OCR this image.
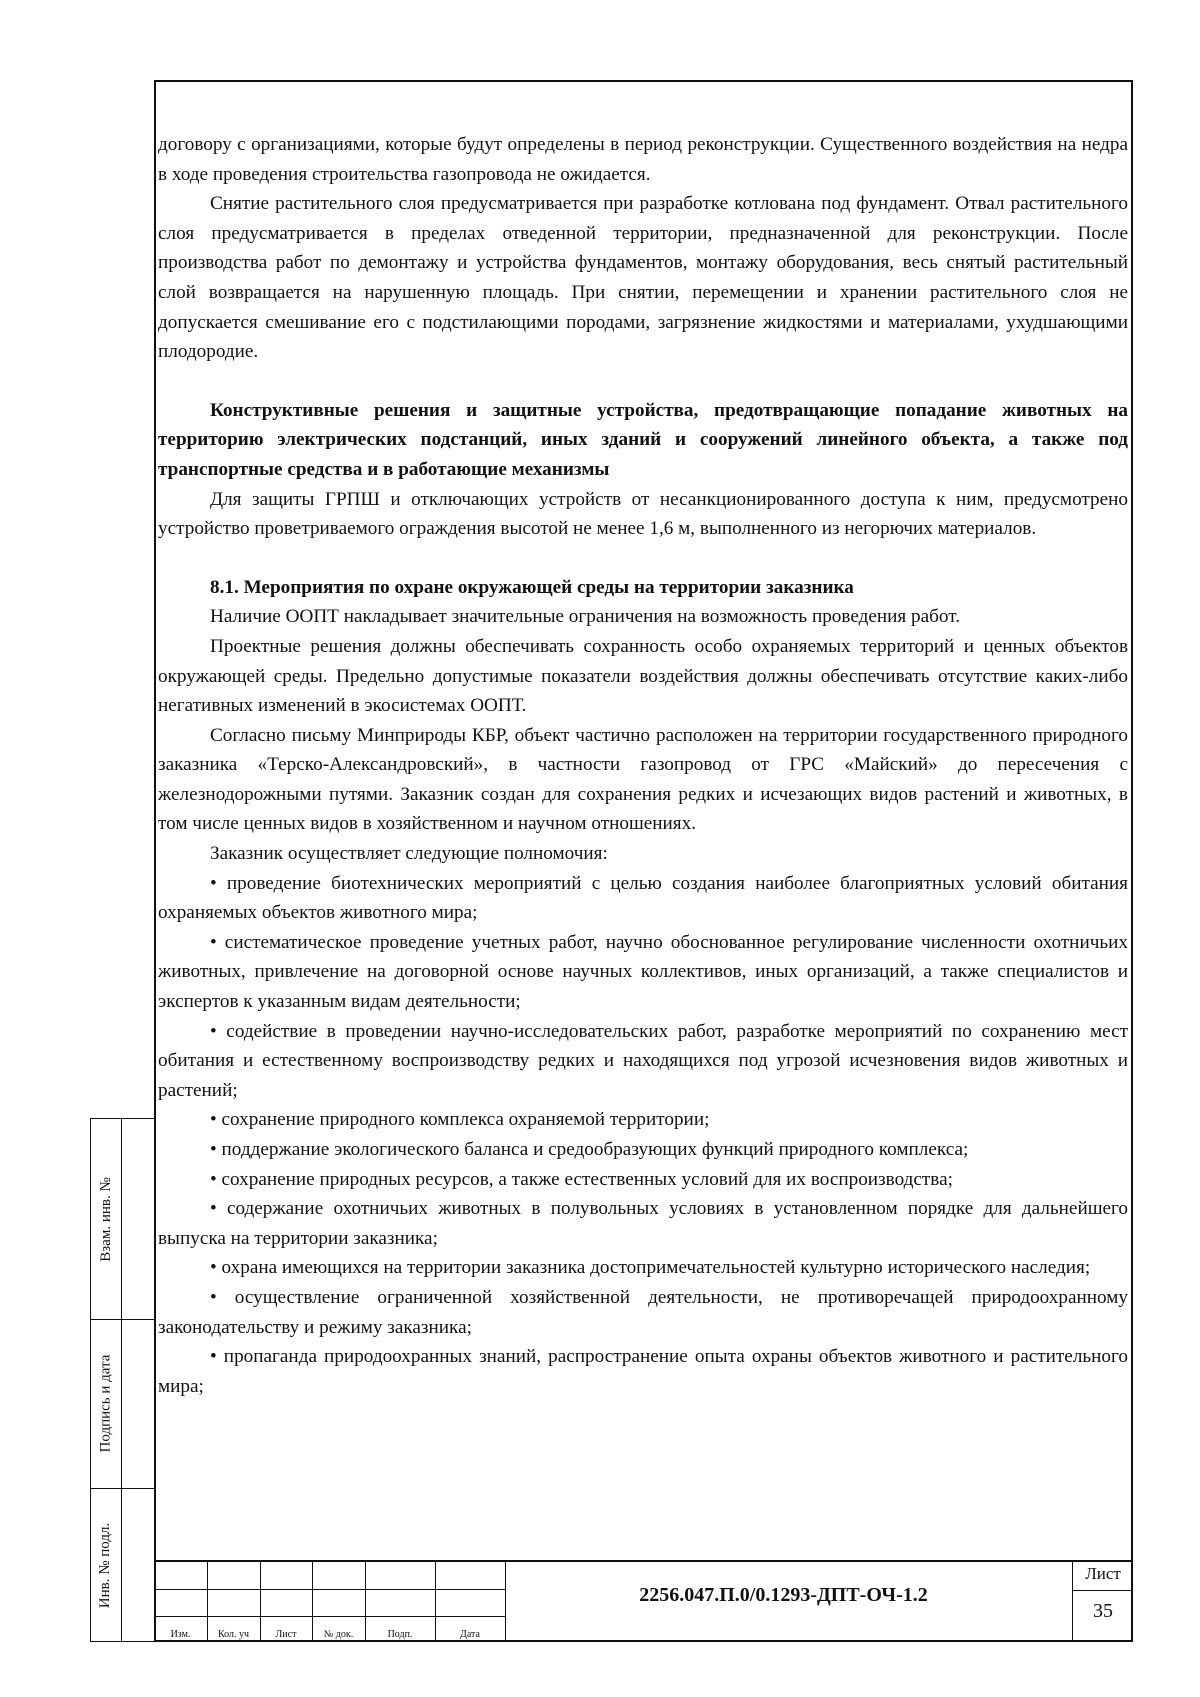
договору с организациями, которые будут определены в период реконструкции. Существенного воздействия на недра в ходе проведения строительства газопровода не ожидается.

Снятие растительного слоя предусматривается при разработке котлована под фундамент. Отвал растительного слоя предусматривается в пределах отведенной территории, предназначенной для реконструкции. После производства работ по демонтажу и устройства фундаментов, монтажу оборудования, весь снятый растительный слой возвращается на нарушенную площадь. При снятии, перемещении и хранении растительного слоя не допускается смешивание его с подстилающими породами, загрязнение жидкостями и материалами, ухудшающими плодородие.

Конструктивные решения и защитные устройства, предотвращающие попадание животных на территорию электрических подстанций, иных зданий и сооружений линейного объекта, а также под транспортные средства и в работающие механизмы

Для защиты ГРПШ и отключающих устройств от несанкционированного доступа к ним, предусмотрено устройство проветриваемого ограждения высотой не менее 1,6 м, выполненного из негорючих материалов.

8.1. Мероприятия по охране окружающей среды на территории заказника

Наличие ООПТ накладывает значительные ограничения на возможность проведения работ.

Проектные решения должны обеспечивать сохранность особо охраняемых территорий и ценных объектов окружающей среды. Предельно допустимые показатели воздействия должны обеспечивать отсутствие каких-либо негативных изменений в экосистемах ООПТ.

Согласно письму Минприроды КБР, объект частично расположен на территории государственного природного заказника «Терско-Александровский», в частности газопровод от ГРС «Майский» до пересечения с железнодорожными путями. Заказник создан для сохранения редких и исчезающих видов растений и животных, в том числе ценных видов в хозяйственном и научном отношениях.

Заказник осуществляет следующие полномочия:

• проведение биотехнических мероприятий с целью создания наиболее благоприятных условий обитания охраняемых объектов животного мира;

• систематическое проведение учетных работ, научно обоснованное регулирование численности охотничьих животных, привлечение на договорной основе научных коллективов, иных организаций, а также специалистов и экспертов к указанным видам деятельности;

• содействие в проведении научно-исследовательских работ, разработке мероприятий по сохранению мест обитания и естественному воспроизводству редких и находящихся под угрозой исчезновения видов животных и растений;

• сохранение природного комплекса охраняемой территории;

• поддержание экологического баланса и средообразующих функций природного комплекса;

• сохранение природных ресурсов, а также естественных условий для их воспроизводства;

• содержание охотничьих животных в полувольных условиях в установленном порядке для дальнейшего выпуска на территории заказника;

• охрана имеющихся на территории заказника достопримечательностей культурно исторического наследия;

• осуществление ограниченной хозяйственной деятельности, не противоречащей природоохранному законодательству и режиму заказника;

• пропаганда природоохранных знаний, распространение опыта охраны объектов животного и растительного мира;

Взам. инв. №
Подпись и дата
Инв. № подл.
Изм.	Кол. уч	Лист	№ док.	Подп.	Дата
2256.047.П.0/0.1293-ДПТ-ОЧ-1.2
Лист
35
